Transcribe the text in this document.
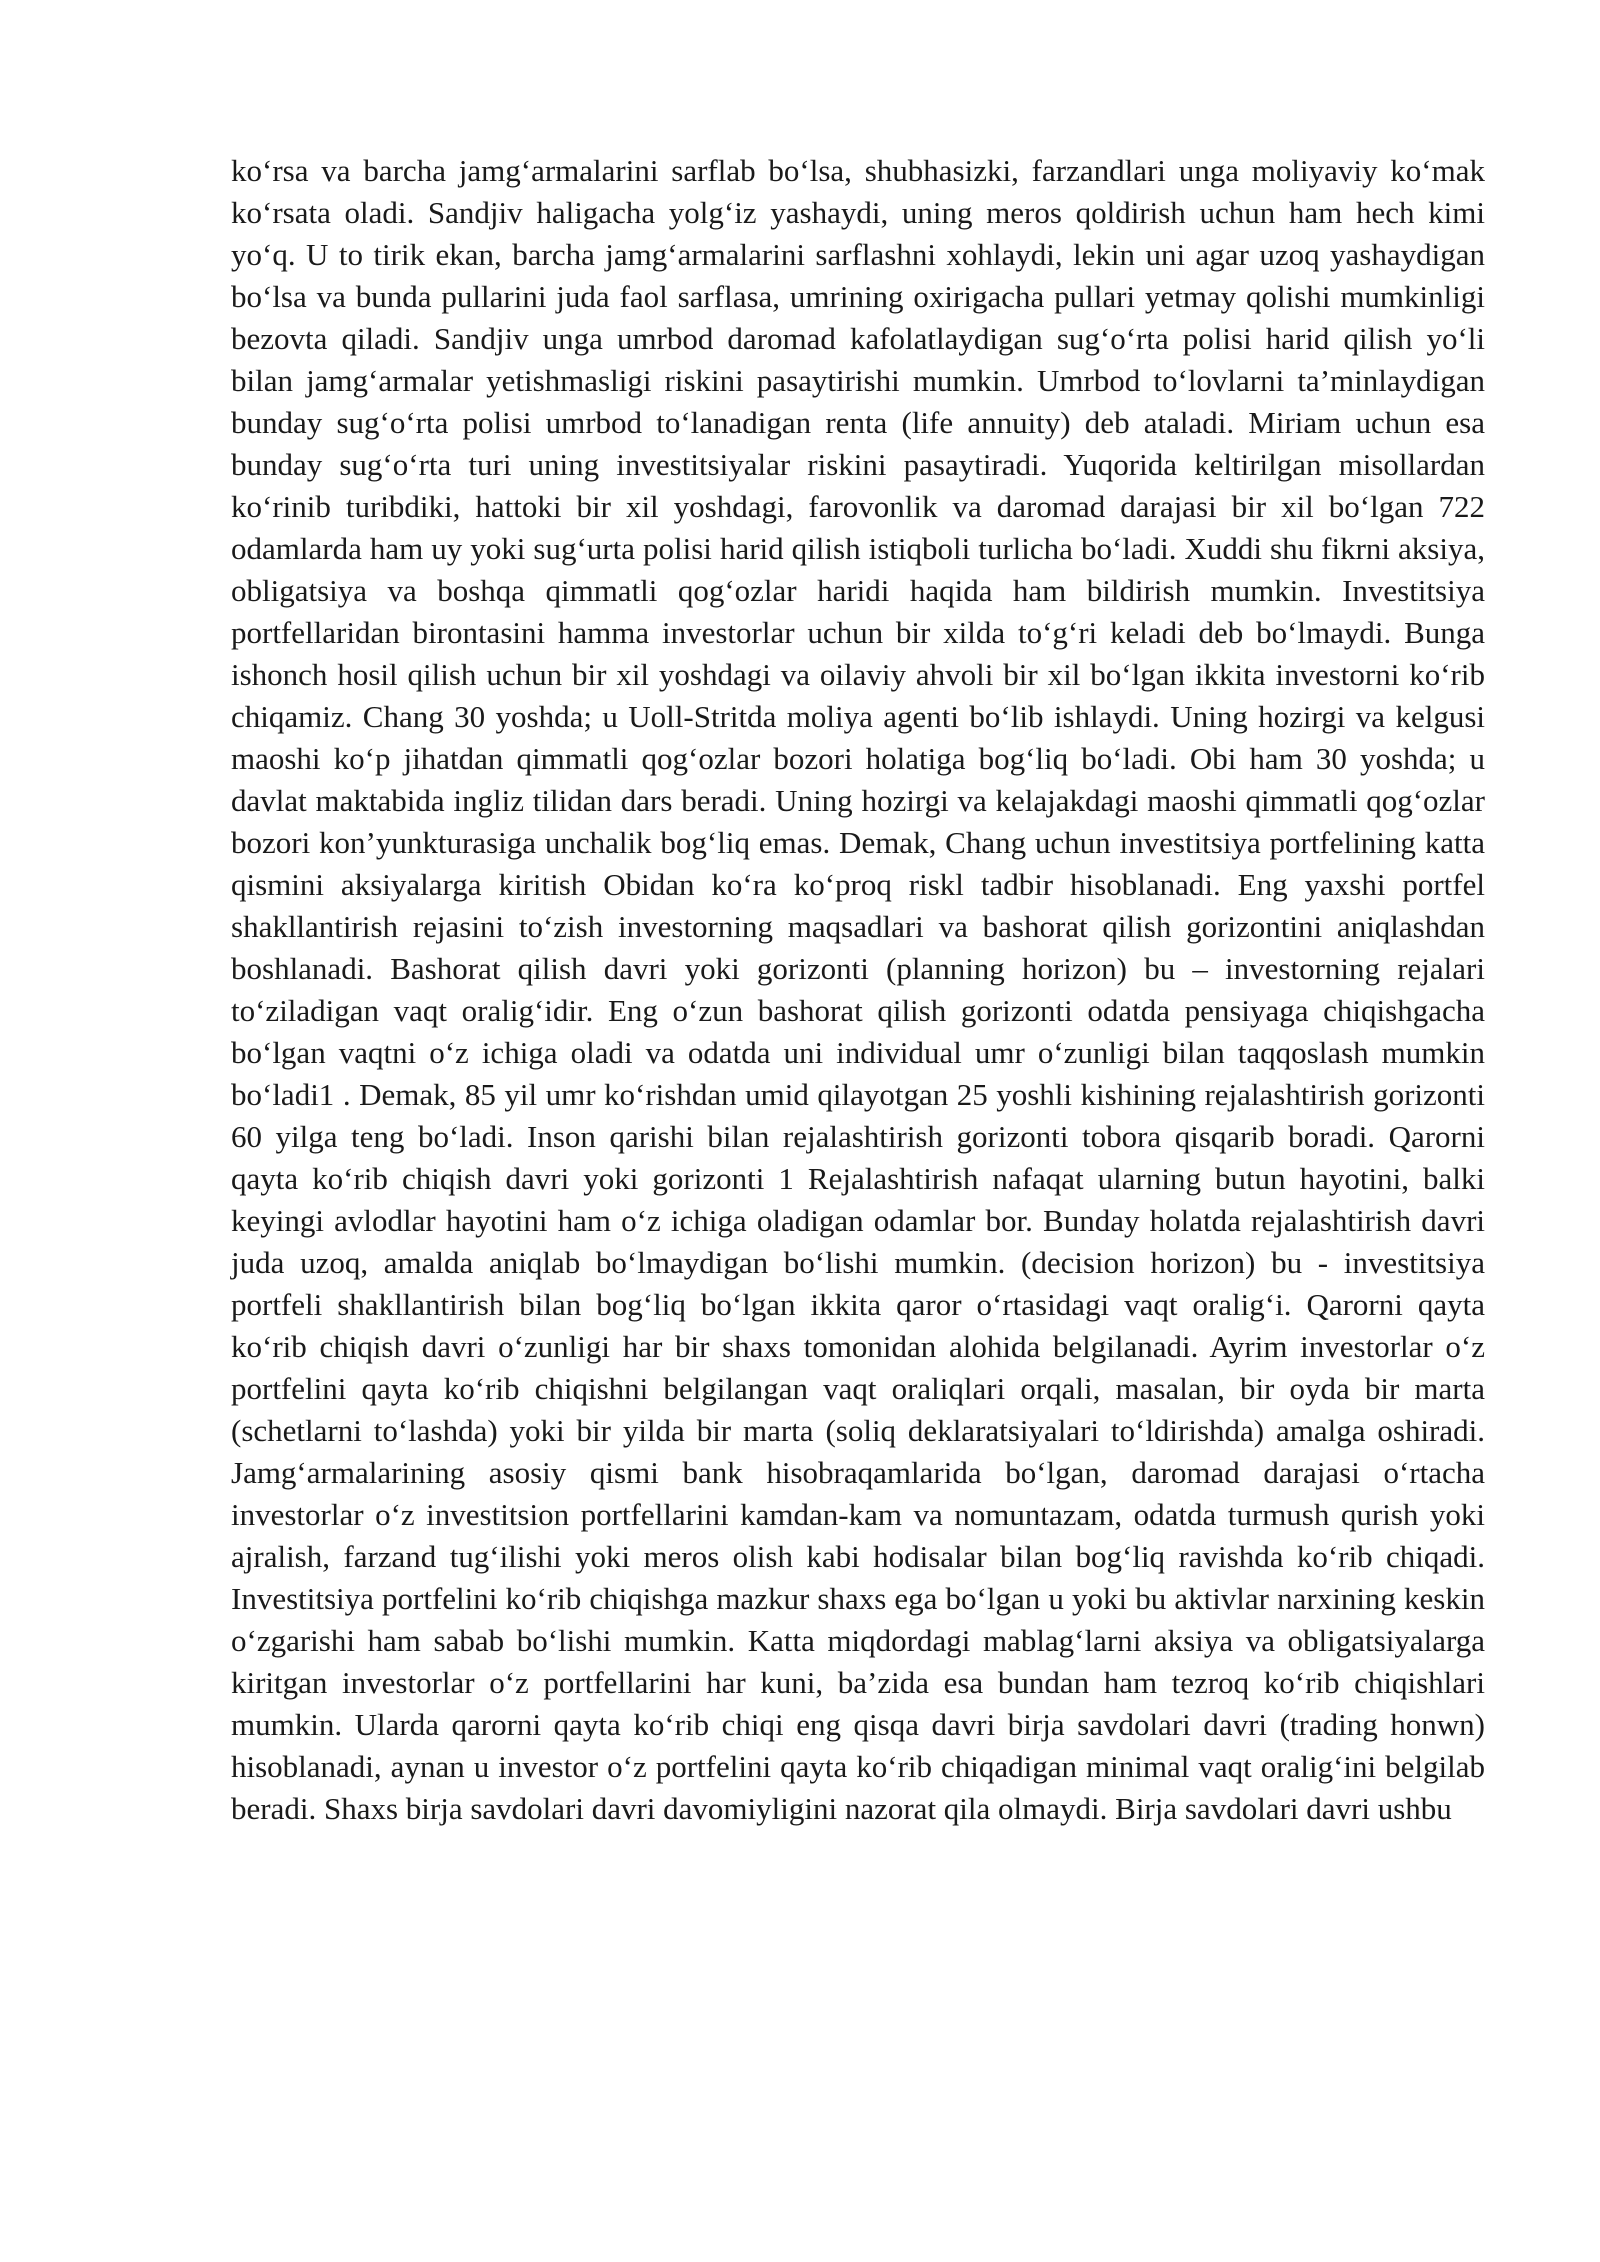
ko‘rsa va barcha jamg‘armalarini sarflab bo‘lsa, shubhasizki, farzandlari unga moliyaviy ko‘mak ko‘rsata oladi. Sandjiv haligacha yolg‘iz yashaydi, uning meros qoldirish uchun ham hech kimi yo‘q. U to tirik ekan, barcha jamg‘armalarini sarflashni xohlaydi, lekin uni agar uzoq yashaydigan bo‘lsa va bunda pullarini juda faol sarflasa, umrining oxirigacha pullari yetmay qolishi mumkinligi bezovta qiladi. Sandjiv unga umrbod daromad kafolatlaydigan sug‘o‘rta polisi harid qilish yo‘li bilan jamg‘armalar yetishmasligi riskini pasaytirishi mumkin. Umrbod to‘lovlarni ta’minlaydigan bunday sug‘o‘rta polisi umrbod to‘lanadigan renta (life annuity) deb ataladi. Miriam uchun esa bunday sug‘o‘rta turi uning investitsiyalar riskini pasaytiradi. Yuqorida keltirilgan misollardan ko‘rinib turibdiki, hattoki bir xil yoshdagi, farovonlik va daromad darajasi bir xil bo‘lgan 722 odamlarda ham uy yoki sug‘urta polisi harid qilish istiqboli turlicha bo‘ladi. Xuddi shu fikrni aksiya, obligatsiya va boshqa qimmatli qog‘ozlar haridi haqida ham bildirish mumkin. Investitsiya portfellaridan birontasini hamma investorlar uchun bir xilda to‘g‘ri keladi deb bo‘lmaydi. Bunga ishonch hosil qilish uchun bir xil yoshdagi va oilaviy ahvoli bir xil bo‘lgan ikkita investorni ko‘rib chiqamiz. Chang 30 yoshda; u Uoll-Stritda moliya agenti bo‘lib ishlaydi. Uning hozirgi va kelgusi maoshi ko‘p jihatdan qimmatli qog‘ozlar bozori holatiga bog‘liq bo‘ladi. Obi ham 30 yoshda; u davlat maktabida ingliz tilidan dars beradi. Uning hozirgi va kelajakdagi maoshi qimmatli qog‘ozlar bozori kon’yunkturasiga unchalik bog‘liq emas. Demak, Chang uchun investitsiya portfelining katta qismini aksiyalarga kiritish Obidan ko‘ra ko‘proq riskl tadbir hisoblanadi. Eng yaxshi portfel shakllantirish rejasini to‘zish investorning maqsadlari va bashorat qilish gorizontini aniqlashdan boshlanadi. Bashorat qilish davri yoki gorizonti (planning horizon) bu – investorning rejalari to‘ziladigan vaqt oralig‘idir. Eng o‘zun bashorat qilish gorizonti odatda pensiyaga chiqishgacha bo‘lgan vaqtni o‘z ichiga oladi va odatda uni individual umr o‘zunligi bilan taqqoslash mumkin bo‘ladi1 . Demak, 85 yil umr ko‘rishdan umid qilayotgan 25 yoshli kishining rejalashtirish gorizonti 60 yilga teng bo‘ladi. Inson qarishi bilan rejalashtirish gorizonti tobora qisqarib boradi. Qarorni qayta ko‘rib chiqish davri yoki gorizonti 1 Rejalashtirish nafaqat ularning butun hayotini, balki keyingi avlodlar hayotini ham o‘z ichiga oladigan odamlar bor. Bunday holatda rejalashtirish davri juda uzoq, amalda aniqlab bo‘lmaydigan bo‘lishi mumkin. (decision horizon) bu - investitsiya portfeli shakllantirish bilan bog‘liq bo‘lgan ikkita qaror o‘rtasidagi vaqt oralig‘i. Qarorni qayta ko‘rib chiqish davri o‘zunligi har bir shaxs tomonidan alohida belgilanadi. Ayrim investorlar o‘z portfelini qayta ko‘rib chiqishni belgilangan vaqt oraliqlari orqali, masalan, bir oyda bir marta (schetlarni to‘lashda) yoki bir yilda bir marta (soliq deklaratsiyalari to‘ldirishda) amalga oshiradi. Jamg‘armalarining asosiy qismi bank hisobraqamlarida bo‘lgan, daromad darajasi o‘rtacha investorlar o‘z investitsion portfellarini kamdan-kam va nomuntazam, odatda turmush qurish yoki ajralish, farzand tug‘ilishi yoki meros olish kabi hodisalar bilan bog‘liq ravishda ko‘rib chiqadi. Investitsiya portfelini ko‘rib chiqishga mazkur shaxs ega bo‘lgan u yoki bu aktivlar narxining keskin o‘zgarishi ham sabab bo‘lishi mumkin. Katta miqdordagi mablag‘larni aksiya va obligatsiyalarga kiritgan investorlar o‘z portfellarini har kuni, ba’zida esa bundan ham tezroq ko‘rib chiqishlari mumkin. Ularda qarorni qayta ko‘rib chiqi eng qisqa davri birja savdolari davri (trading honwn) hisoblanadi, aynan u investor o‘z portfelini qayta ko‘rib chiqadigan minimal vaqt oralig‘ini belgilab beradi. Shaxs birja savdolari davri davomiyligini nazorat qila olmaydi. Birja savdolari davri ushbu
